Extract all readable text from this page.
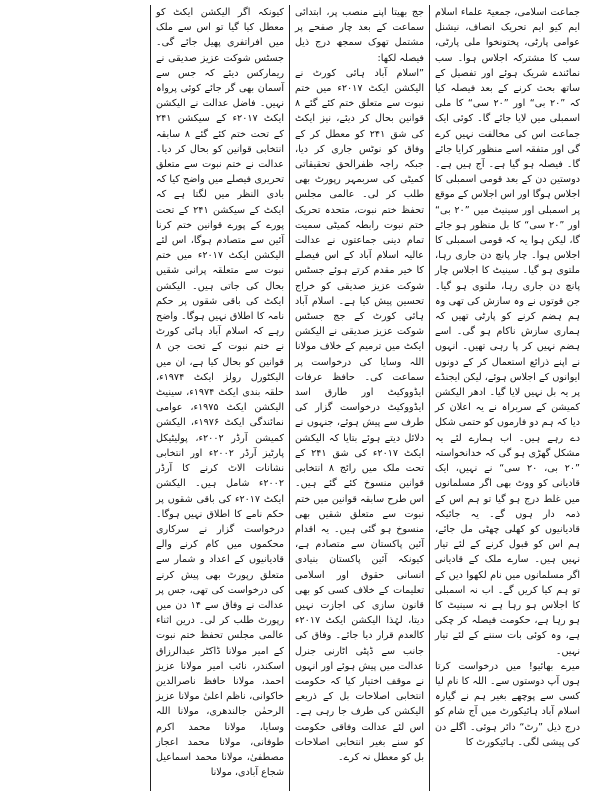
جماعت اسلامی، جمعیۃ علماء اسلام ایم کیو ایم تحریک انصاف، نیشنل عوامی پارٹی، پختونخوا ملی پارٹی، سب کا مشترکہ اجلاس ہوا۔ سب نمائندے شریک ہوئے اور تفصیل کے ساتھ بحث کرنے کے بعد فیصلہ کیا کہ ”۲۰ بی“ اور ”۲۰ سی“ کا ملی اسمبلی میں لایا جائے گا۔ کوئی ایک جماعت اس کی مخالفت نہیں کرے گی اور متفقہ اسے منظور کرایا جائے گا۔ فیصلہ ہو گیا ہے۔ آج ہیں ہے۔ دوستین دن کے بعد قومی اسمبلی کا اجلاس ہوگا اور اس اجلاس کے موقع پر اسمبلی اور سینیٹ میں ”۲۰ بی“ اور ”۲۰ سی“ کا بل منظور ہو جائے گا، لیکن ہوا یہ کہ قومی اسمبلی کا اجلاس ہوا۔ چار پانچ دن جاری رہا، ملتوی ہو گیا۔ سینیٹ کا اجلاس چار پانچ دن جاری رہا، ملتوی ہو گیا۔ جن قوتوں نے وہ سازش کی تھی وہ ہم ہضم کرنے کو پارٹی تھیں کہ ہماری سازش ناکام ہو گی۔ اسے ہضم نہیں کر پا رہی تھیں۔ انہوں نے اپنے ذرائع استعمال کر کے دونوں ایوانوں کے اجلاس ہوئے، لیکن ایجنڈے پر یہ بل نہیں لایا گیا۔ ادھر الیکشن کمیشن کے سربراہ نے یہ اعلان کر دیا کہ ہم دو فارموں کو حتمی شکل دے رہے ہیں۔ اب ہمارے لئے یہ مشکل گھڑی ہو گی کہ خدانخواستہ ”۲۰ بی، ۲۰ سی“ نے نہیں، ایک قادیانی کو ووٹ بھی اگر مسلمانوں میں غلط درج ہو گیا تو ہم اس کے ذمہ دار ہوں گے۔ یہ جائیکہ قادیانیوں کو کھلی چھٹی مل جائے، ہم اس کو قبول کرنے کے لئے تیار نہیں ہیں۔ سارے ملک کے قادیانی اگر مسلمانوں میں نام لکھوا دیں کے تو ہم کیا کریں گے۔ اب نہ اسمبلی کا اجلاس ہو رہا ہے نہ سینیٹ کا ہو رہا ہے، حکومت فیصلہ کر چکی ہے، وہ کوئی بات سننے کے لئے تیار نہیں۔

میرے بھائیو! میں درخواست کرتا ہوں آپ دوستوں سے۔ اللہ کا نام لیا کسی سے پوچھے بغیر ہم نے گیارہ اسلام آباد ہائیکورٹ میں آج شام کو درج ذیل ”رٹ“ دائر ہوئی۔ اگلے دن کی پیشی لگی۔ ہائیکورٹ کا

جج بھیتا اپنے منصب پر، ابتدائی سماعت کے بعد چار صفحے پر مشتمل تھوک سمجھ درج ذیل فیصلہ لکھا:

”اسلام آباد ہائی کورٹ نے الیکشن ایکٹ ۲۰۱۷ء میں ختم نبوت سے متعلق ختم کئے گئے ۸ قوانین بحال کر دیئے، نیز ایکٹ کی شق ۲۴۱ کو معطل کر کے وفاق کو نوٹس جاری کر دیا، جبکہ راجہ ظفرالحق تحقیقاتی کمیٹی کی سربمہر رپورٹ بھی طلب کر لی۔ عالمی مجلس تحفظ ختم نبوت، متحدہ تحریک ختم نبوت رابطہ کمیٹی سمیت تمام دینی جماعتوں نے عدالت عالیہ اسلام آباد کے اس فیصلے کا خیر مقدم کرتے ہوئے جسٹس شوکت عزیز صدیقی کو خراج تحسین پیش کیا ہے۔ اسلام آباد ہائی کورٹ کے جج جسٹس شوکت عزیز صدیقی نے الیکشن ایکٹ میں ترمیم کے خلاف مولانا اللہ وسایا کی درخواست پر سماعت کی۔ حافظ عرفات ایڈووکیٹ اور طارق اسد ایڈووکیٹ درخواست گزار کی طرف سے پیش ہوئے، جنہوں نے دلائل دیتے ہوئے بتایا کہ الیکشن ایکٹ ۲۰۱۷ء کی شق ۲۴۱ کے تحت ملک میں رائج ۸ انتخابی قوانین منسوخ کئے گئے ہیں۔ اس طرح سابقہ قوانین میں ختم نبوت سے متعلق شقیں بھی منسوخ ہو گئی ہیں۔ یہ اقدام آئین پاکستان سے متصادم ہے، کیونکہ آئین پاکستان بنیادی انسانی حقوق اور اسلامی تعلیمات کے خلاف کسی کو بھی قانون سازی کی اجازت نہیں دیتا، لہٰذا الیکشن ایکٹ ۲۰۱۷ء کالعدم قرار دیا جائے۔ وفاق کی جانب سے ڈپٹی اٹارنی جنرل عدالت میں پیش ہوئے اور انہوں نے موقف اختیار کیا کہ حکومت انتخابی اصلاحات بل کے ذریعے الیکشن کی طرف جا رہی ہے۔ اس لئے عدالت وفاقی حکومت کو سنے بغیر انتخابی اصلاحات بل کو معطل نہ کرے۔

کیونکہ اگر الیکشن ایکٹ کو معطل کیا گیا تو اس سے ملک میں افراتفری پھیل جائے گی۔ جسٹس شوکت عزیز صدیقی نے ریمارکس دیئے کہ جس سے آسمان بھی گر جائے کوئی پرواہ نہیں۔ فاضل عدالت نے الیکشن ایکٹ ۲۰۱۷ء کے سیکشن ۲۴۱ کے تحت ختم کئے گئے ۸ سابقہ انتخابی قوانین کو بحال کر دیا۔ عدالت نے ختم نبوت سے متعلق تحریری فیصلے میں واضح کیا کہ بادی النظر میں لگتا ہے کہ ایکٹ کے سیکشن ۲۴۱ کے تحت پورے کے پورے قوانین ختم کرنا آئین سے متصادم ہوگا، اس لئے الیکشن ایکٹ ۲۰۱۷ء میں ختم نبوت سے متعلقہ پرانی شقیں بحال کی جاتی ہیں۔ الیکشن ایکٹ کی باقی شقوں پر حکم نامہ کا اطلاق نہیں ہوگا۔ واضح رہے کہ اسلام آباد ہائی کورٹ نے ختم نبوت کے تحت جن ۸ قوانین کو بحال کیا ہے، ان میں الیکٹورل رولز ایکٹ ۱۹۷۴ء، حلقہ بندی ایکٹ ۱۹۷۴ء، سینیٹ الیکشن ایکٹ ۱۹۷۵ء، عوامی نمائندگی ایکٹ ۱۹۷۶ء، الیکشن کمیشن آرڈر ۲۰۰۲ء، پولیٹیکل پارٹیز آرڈر ۲۰۰۲ء اور انتخابی نشانات الاٹ کرنے کا آرڈر ۲۰۰۲ء شامل ہیں۔ الیکشن ایکٹ ۲۰۱۷ء کی باقی شقوں پر حکم نامے کا اطلاق نہیں ہوگا۔ درخواست گزار نے سرکاری محکموں میں کام کرنے والے قادیانیوں کے اعداد و شمار سے متعلق رپورٹ بھی پیش کرنے کی درخواست کی تھی، جس پر عدالت نے وفاق سے ۱۴ دن میں رپورٹ طلب کر لی۔ درین اثناء عالمی مجلس تحفظ ختم نبوت کے امیر مولانا ڈاکٹر عبدالرزاق اسکندر، نائب امیر مولانا عزیز احمد، مولانا حافظ ناصرالدین خاکوانی، ناظم اعلیٰ مولانا عزیز الرحمٰن جالندھری، مولانا اللہ وسایا، مولانا محمد اکرم طوفانی، مولانا محمد اعجاز مصطفیٰ، مولانا محمد اسماعیل شجاع آبادی، مولانا
